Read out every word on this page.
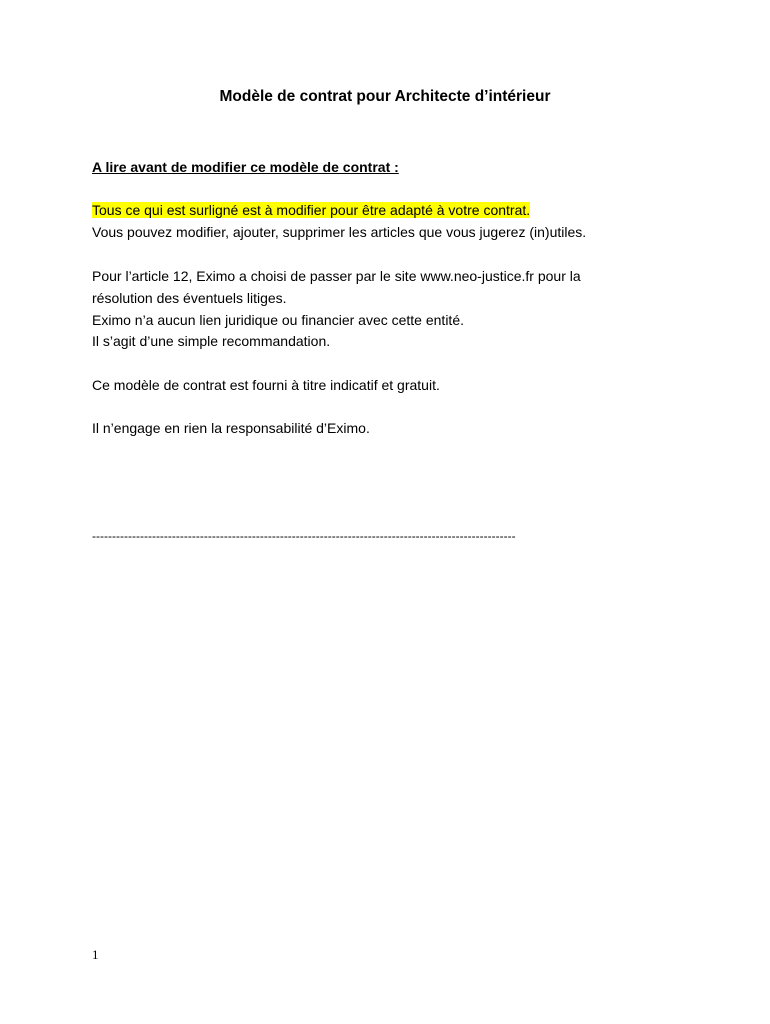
Modèle de contrat pour Architecte d’intérieur
A lire avant de modifier ce modèle de contrat :
Tous ce qui est surligné est à modifier pour être adapté à votre contrat.
Vous pouvez modifier, ajouter, supprimer les articles que vous jugerez (in)utiles.
Pour l’article 12, Eximo a choisi de passer par le site www.neo-justice.fr pour la
résolution des éventuels litiges.
Eximo n’a aucun lien juridique ou financier avec cette entité.
Il s’agit d’une simple recommandation.
Ce modèle de contrat est fourni à titre indicatif et gratuit.
Il n’engage en rien la responsabilité d’Eximo.
----------------------------------------------------------------------------------------------------------
1
